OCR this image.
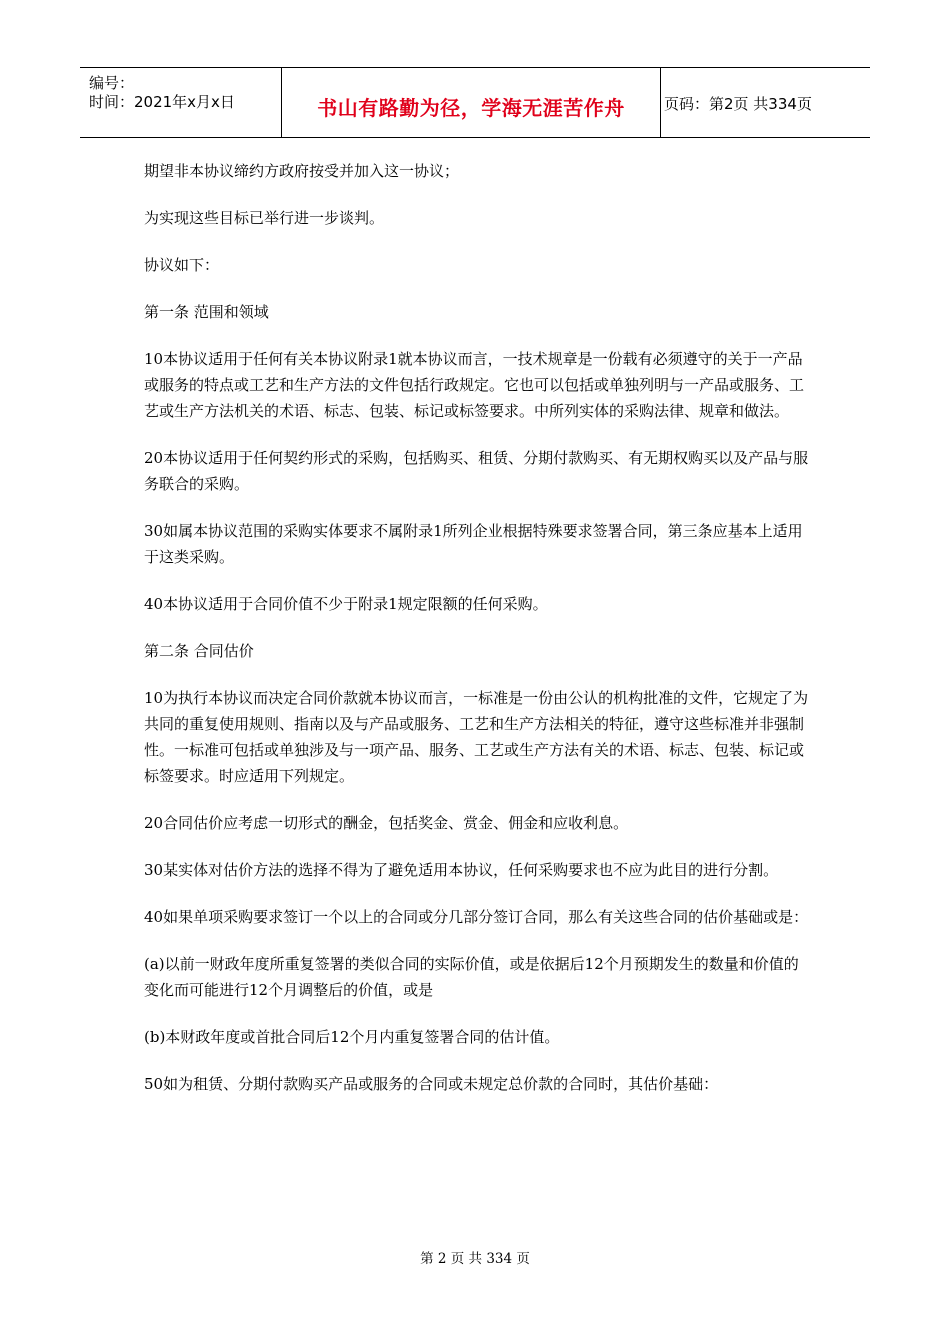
编号：
时间：2021年x月x日	书山有路勤为径，学海无涯苦作舟	页码：第2页 共334页

期望非本协议缔约方政府按受并加入这一协议；

为实现这些目标已举行进一步谈判。

协议如下：

第一条 范围和领域

10本协议适用于任何有关本协议附录1就本协议而言，一技术规章是一份载有必须遵守的关于一产品或服务的特点或工艺和生产方法的文件包括行政规定。它也可以包括或单独列明与一产品或服务、工艺或生产方法机关的术语、标志、包装、标记或标签要求。中所列实体的采购法律、规章和做法。

20本协议适用于任何契约形式的采购，包括购买、租赁、分期付款购买、有无期权购买以及产品与服务联合的采购。

30如属本协议范围的采购实体要求不属附录1所列企业根据特殊要求签署合同，第三条应基本上适用于这类采购。

40本协议适用于合同价值不少于附录1规定限额的任何采购。

第二条 合同估价

10为执行本协议而决定合同价款就本协议而言，一标准是一份由公认的机构批准的文件，它规定了为共同的重复使用规则、指南以及与产品或服务、工艺和生产方法相关的特征，遵守这些标准并非强制性。一标准可包括或单独涉及与一项产品、服务、工艺或生产方法有关的术语、标志、包装、标记或标签要求。时应适用下列规定。

20合同估价应考虑一切形式的酬金，包括奖金、赏金、佣金和应收利息。

30某实体对估价方法的选择不得为了避免适用本协议，任何采购要求也不应为此目的进行分割。

40如果单项采购要求签订一个以上的合同或分几部分签订合同，那么有关这些合同的估价基础或是：

(a)以前一财政年度所重复签署的类似合同的实际价值，或是依据后12个月预期发生的数量和价值的变化而可能进行12个月调整后的价值，或是

(b)本财政年度或首批合同后12个月内重复签署合同的估计值。

50如为租赁、分期付款购买产品或服务的合同或未规定总价款的合同时，其估价基础：

第 2 页 共 334 页
